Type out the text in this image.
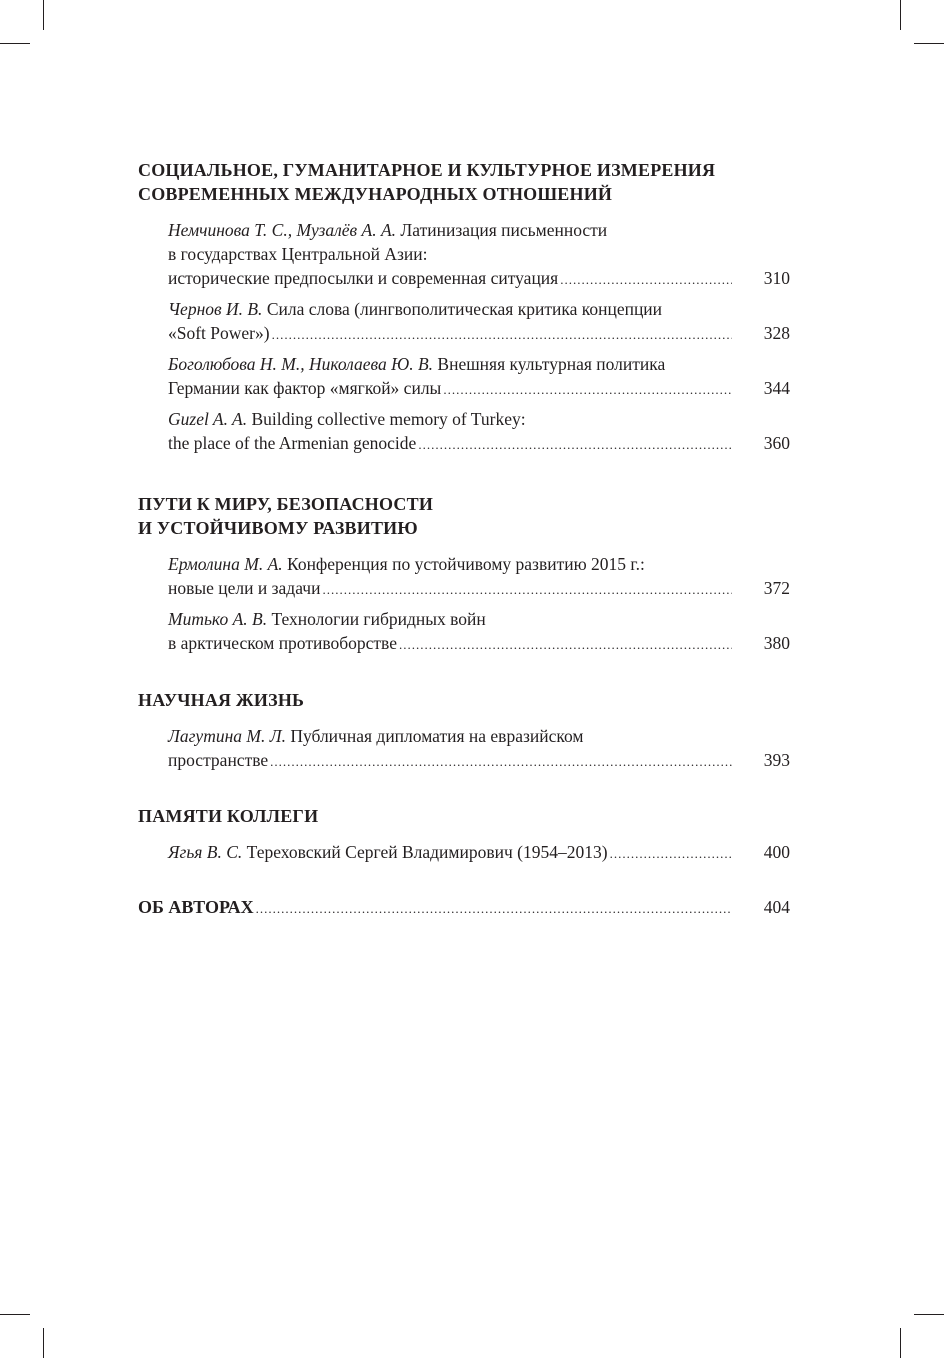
СОЦИАЛЬНОЕ, ГУМАНИТАРНОЕ И КУЛЬТУРНОЕ ИЗМЕРЕНИЯ
СОВРЕМЕННЫХ МЕЖДУНАРОДНЫХ ОТНОШЕНИЙ
Немчинова Т. С., Музалёв А. А. Латинизация письменности
в государствах Центральной Азии:
исторические предпосылки и современная ситуация .....	310
Чернов И. В. Сила слова (лингвополитическая критика концепции
«Soft Power») .....	328
Боголюбова Н. М., Николаева Ю. В. Внешняя культурная политика
Германии как фактор «мягкой» силы .....	344
Guzel A. A. Building collective memory of Turkey:
the place of the Armenian genocide .....	360
ПУТИ К МИРУ, БЕЗОПАСНОСТИ
И УСТОЙЧИВОМУ РАЗВИТИЮ
Ермолина М. А. Конференция по устойчивому развитию 2015 г.:
новые цели и задачи .....	372
Митько А. В. Технологии гибридных войн
в арктическом противоборстве .....	380
НАУЧНАЯ ЖИЗНЬ
Лагутина М. Л. Публичная дипломатия на евразийском
пространстве .....	393
ПАМЯТИ КОЛЛЕГИ
Ягья В. С. Тереховский Сергей Владимирович (1954–2013) .....	400
ОБ АВТОРАХ .....	404
